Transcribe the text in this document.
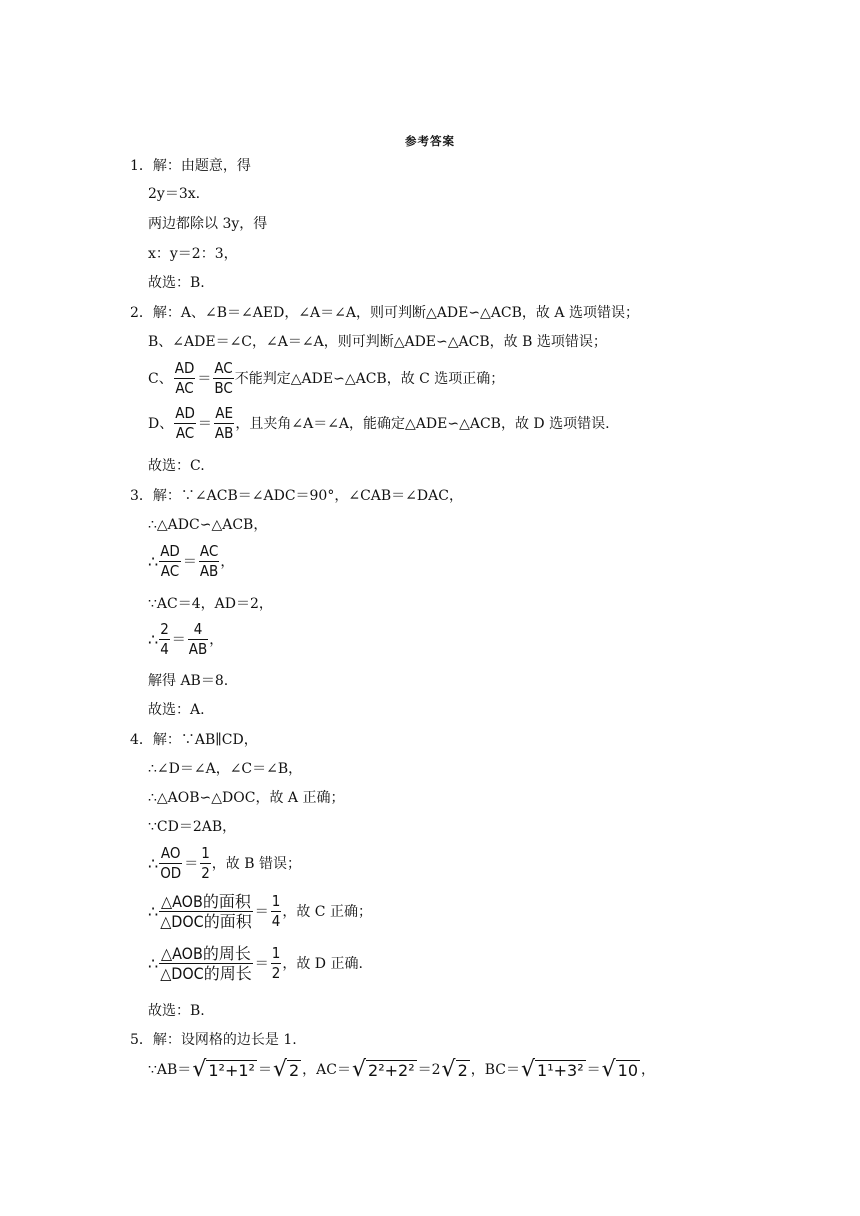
参考答案
1．解：由题意，得
2y＝3x.
两边都除以 3y，得
x：y＝2：3，
故选：B.
2．解：A、∠B＝∠AED，∠A＝∠A，则可判断△ADE∽△ACB，故 A 选项错误；
B、∠ADE＝∠C，∠A＝∠A，则可判断△ADE∽△ACB，故 B 选项错误；
C、 $\frac{AD}{AC} = \frac{AC}{BC}$ 不能判定△ADE∽△ACB，故 C 选项正确；
D、 $\frac{AD}{AC} = \frac{AE}{AB}$ ，且夹角∠A＝∠A，能确定△ADE∽△ACB，故 D 选项错误.
故选：C.
3．解：∵∠ACB＝∠ADC＝90°，∠CAB＝∠DAC，
∴△ADC∽△ACB，
∴ $\frac{AD}{AC} = \frac{AC}{AB}$ ，
∵AC＝4，AD＝2，
∴ $\frac{2}{4} = \frac{4}{AB}$ ，
解得 AB＝8.
故选：A.
4．解：∵AB∥CD，
∴∠D＝∠A，∠C＝∠B，
∴△AOB∽△DOC，故 A 正确；
∵CD＝2AB，
∴ $\frac{AO}{OD} = \frac{1}{2}$ ，故 B 错误；
∴ $\frac{\text{△AOB的面积}}{\text{△DOC的面积}} = \frac{1}{4}$ ，故 C 正确；
∴ $\frac{\text{△AOB的周长}}{\text{△DOC的周长}} = \frac{1}{2}$ ，故 D 正确.
故选：B.
5．解：设网格的边长是 1.
∵AB＝ √ 1²+1² ＝ √ 2 ，AC＝ √ 2²+2² ＝2 √ 2 ，BC＝ √ 1¹+3² ＝ √ 10 ，
